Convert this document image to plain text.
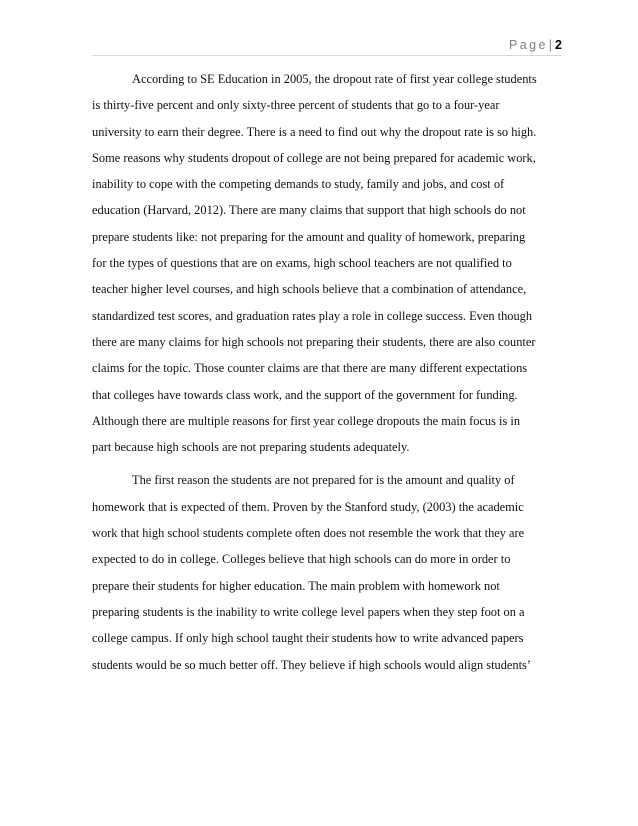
Page| 2
According to SE Education in 2005, the dropout rate of first year college students
is thirty-five percent and only sixty-three percent of students that go to a four-year
university to earn their degree. There is a need to find out why the dropout rate is so high.
Some reasons why students dropout of college are not being prepared for academic work,
inability to cope with the competing demands to study, family and jobs, and cost of
education (Harvard, 2012). There are many claims that support that high schools do not
prepare students like: not preparing for the amount and quality of homework, preparing
for the types of questions that are on exams, high school teachers are not qualified to
teacher higher level courses, and high schools believe that a combination of attendance,
standardized test scores, and graduation rates play a role in college success. Even though
there are many claims for high schools not preparing their students, there are also counter
claims for the topic. Those counter claims are that there are many different expectations
that colleges have towards class work, and the support of the government for funding.
Although there are multiple reasons for first year college dropouts the main focus is in
part because high schools are not preparing students adequately.
The first reason the students are not prepared for is the amount and quality of
homework that is expected of them. Proven by the Stanford study, (2003) the academic
work that high school students complete often does not resemble the work that they are
expected to do in college. Colleges believe that high schools can do more in order to
prepare their students for higher education. The main problem with homework not
preparing students is the inability to write college level papers when they step foot on a
college campus. If only high school taught their students how to write advanced papers
students would be so much better off. They believe if high schools would align students’
